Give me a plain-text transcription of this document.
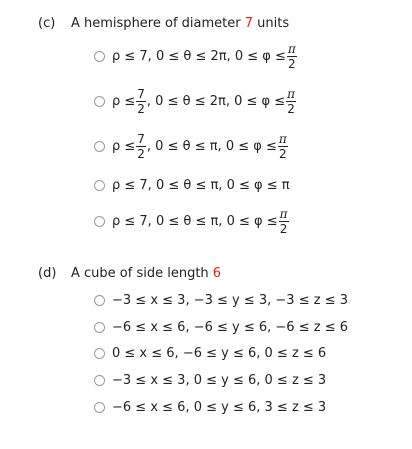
(c) A hemisphere of diameter 7 units
ρ ≤ 7, 0 ≤ θ ≤ 2π, $0 \le \varphi \le \frac{\pi}{2}$
$\rho \le \frac{7}{2}$ , 0 ≤ θ ≤ 2π, $0 \le \varphi \le \frac{\pi}{2}$
$\rho \le \frac{7}{2}$ , 0 ≤ θ ≤ π, $0 \le \varphi \le \frac{\pi}{2}$
ρ ≤ 7, 0 ≤ θ ≤ π, 0 ≤ φ ≤ π
ρ ≤ 7, 0 ≤ θ ≤ π, $0 \le \varphi \le \frac{\pi}{2}$
(d) A cube of side length 6
−3 ≤ x ≤ 3, −3 ≤ y ≤ 3, −3 ≤ z ≤ 3
−6 ≤ x ≤ 6, −6 ≤ y ≤ 6, −6 ≤ z ≤ 6
0 ≤ x ≤ 6, −6 ≤ y ≤ 6, 0 ≤ z ≤ 6
−3 ≤ x ≤ 3, 0 ≤ y ≤ 6, 0 ≤ z ≤ 3
−6 ≤ x ≤ 6, 0 ≤ y ≤ 6, 3 ≤ z ≤ 3
